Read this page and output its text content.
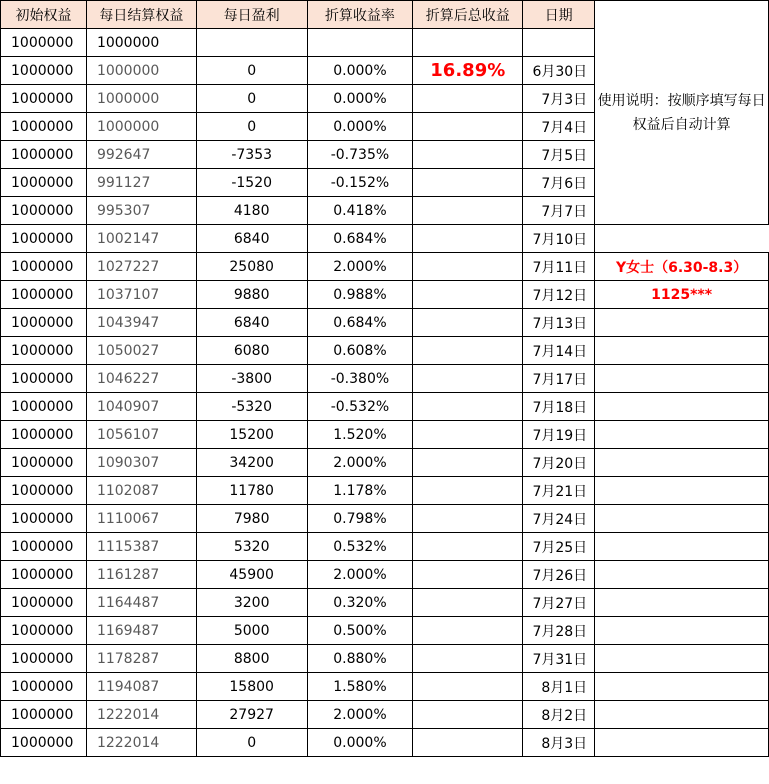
初始权益	每日结算权益	每日盈利	折算收益率	折算后总收益	日期	使用说明：按顺序填写每日权益后自动计算
1000000	1000000					
1000000	1000000	0	0.000%	16.89%	6月30日	
1000000	1000000	0	0.000%		7月3日	
1000000	1000000	0	0.000%		7月4日	
1000000	992647	-7353	-0.735%		7月5日	
1000000	991127	-1520	-0.152%		7月6日	
1000000	995307	4180	0.418%		7月7日	
1000000	1002147	6840	0.684%		7月10日	
1000000	1027227	25080	2.000%		7月11日	Y女士（6.30-8.3）
1000000	1037107	9880	0.988%		7月12日	1125***
1000000	1043947	6840	0.684%		7月13日	
1000000	1050027	6080	0.608%		7月14日	
1000000	1046227	-3800	-0.380%		7月17日	
1000000	1040907	-5320	-0.532%		7月18日	
1000000	1056107	15200	1.520%		7月19日	
1000000	1090307	34200	2.000%		7月20日	
1000000	1102087	11780	1.178%		7月21日	
1000000	1110067	7980	0.798%		7月24日	
1000000	1115387	5320	0.532%		7月25日	
1000000	1161287	45900	2.000%		7月26日	
1000000	1164487	3200	0.320%		7月27日	
1000000	1169487	5000	0.500%		7月28日	
1000000	1178287	8800	0.880%		7月31日	
1000000	1194087	15800	1.580%		8月1日	
1000000	1222014	27927	2.000%		8月2日	
1000000	1222014	0	0.000%		8月3日	
